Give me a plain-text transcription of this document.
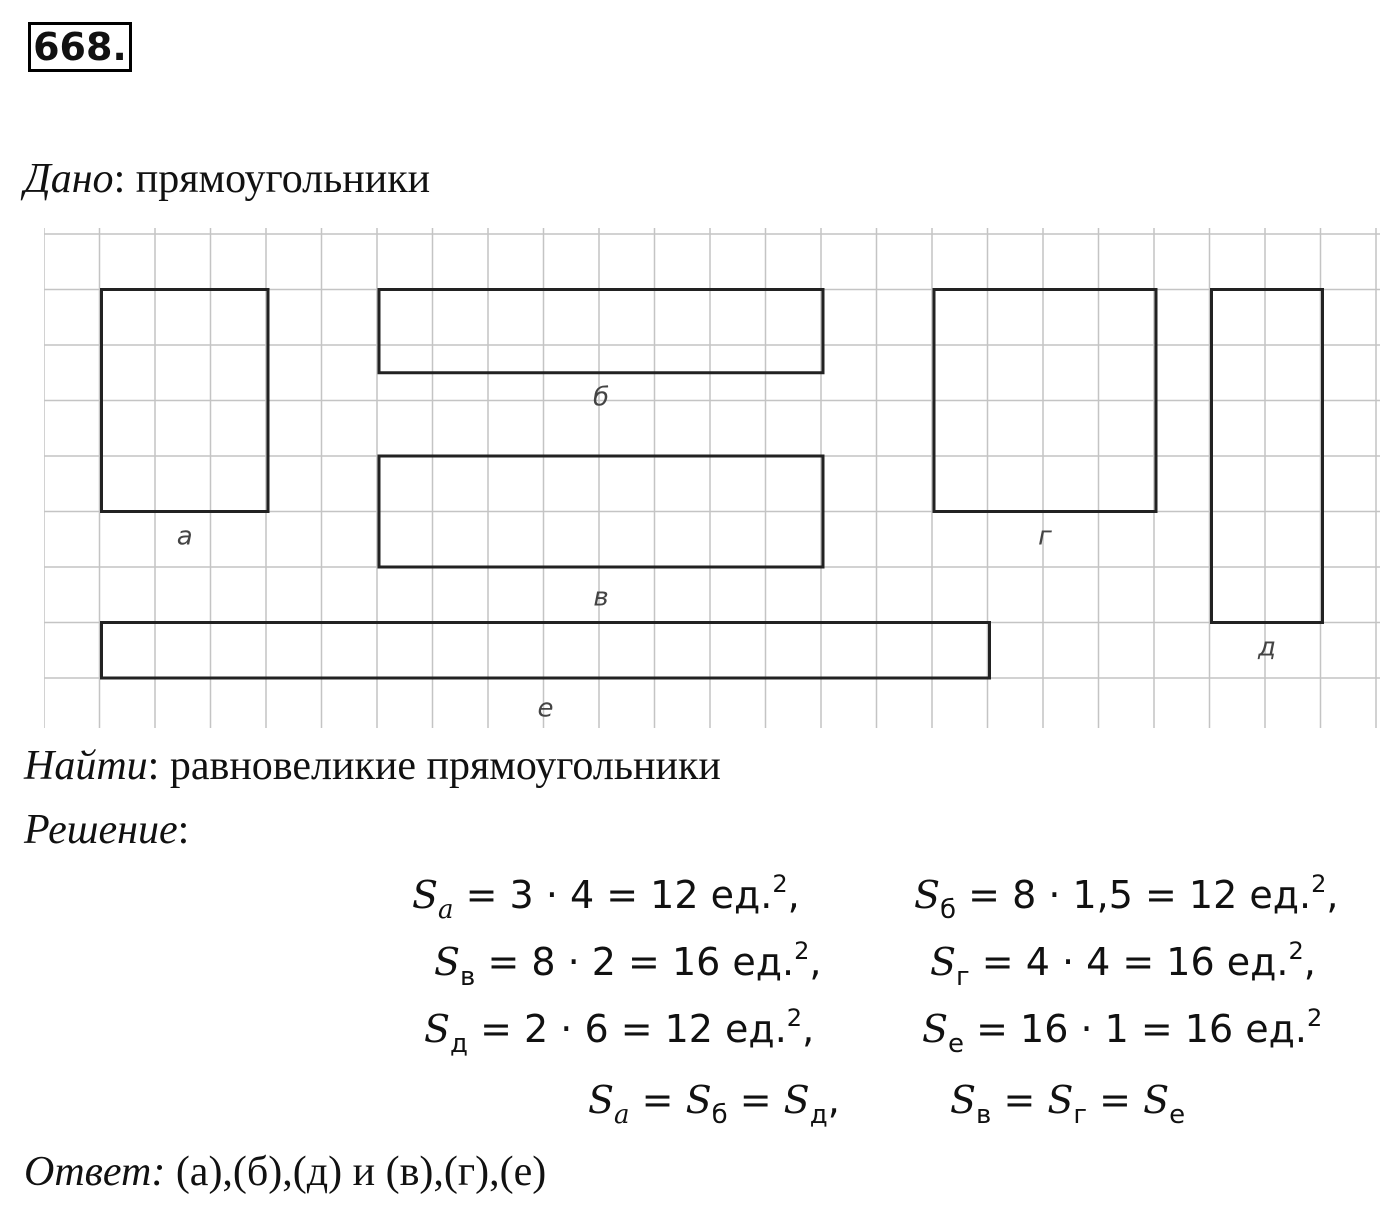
668.
Дано: прямоугольники
а
б
в
г
д
е
Найти: равновеликие прямоугольники
Решение:
$S_а = 3 \cdot 4 = 12$ ед.$^2$,	$S_б = 8 \cdot 1,5 = 12$ ед.$^2$,
$S_в = 8 \cdot 2 = 16$ ед.$^2$,	$S_г = 4 \cdot 4 = 16$ ед.$^2$,
$S_д = 2 \cdot 6 = 12$ ед.$^2$,	$S_е = 16 \cdot 1 = 16$ ед.$^2$
$S_а = S_б = S_д$,	$S_в = S_г = S_е$
Ответ: (а),(б),(д) и (в),(г),(е)
